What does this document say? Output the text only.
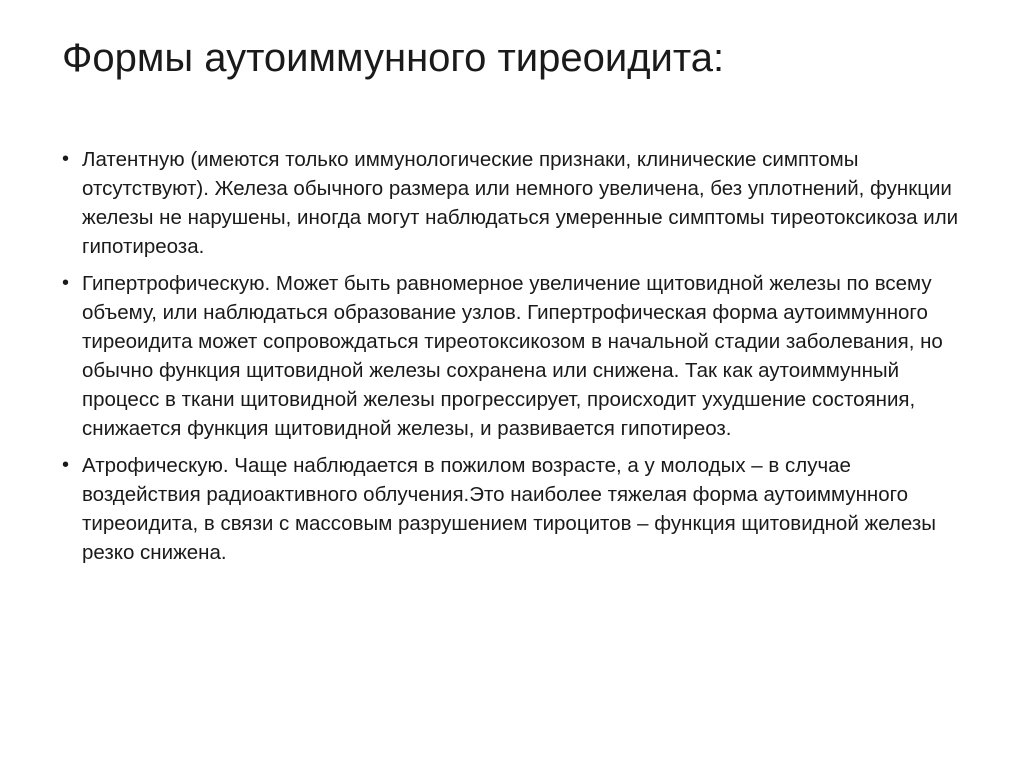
Формы аутоиммунного тиреоидита:
• Латентную (имеются только иммунологические признаки, клинические симптомы отсутствуют). Железа обычного размера или немного увеличена, без уплотнений, функции железы не нарушены, иногда могут наблюдаться умеренные симптомы тиреотоксикоза или гипотиреоза.
• Гипертрофическую. Может быть равномерное увеличение щитовидной железы по всему объему, или наблюдаться образование узлов. Гипертрофическая форма аутоиммунного тиреоидита может сопровождаться тиреотоксикозом в начальной стадии заболевания, но обычно функция щитовидной железы сохранена или снижена. Так как аутоиммунный процесс в ткани щитовидной железы прогрессирует, происходит ухудшение состояния, снижается функция щитовидной железы, и развивается гипотиреоз.
• Атрофическую. Чаще наблюдается в пожилом возрасте, а у молодых – в случае воздействия радиоактивного облучения.Это наиболее тяжелая форма аутоиммунного тиреоидита, в связи с массовым разрушением тироцитов – функция щитовидной железы резко снижена.
